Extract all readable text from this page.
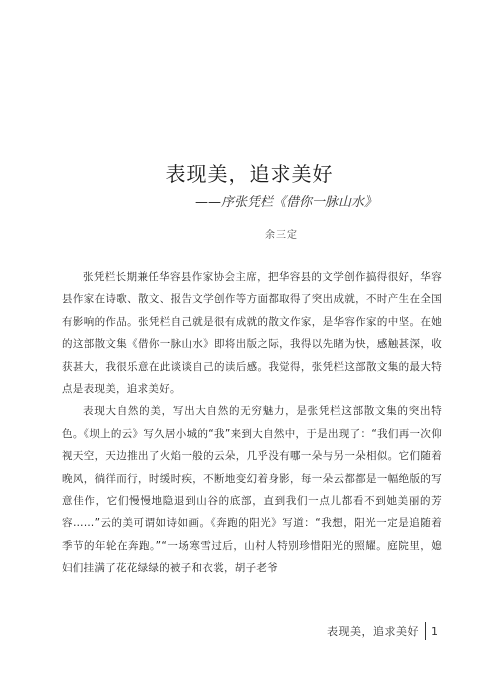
表现美，追求美好

——序张凭栏《借你一脉山水》

余三定

张凭栏长期兼任华容县作家协会主席，把华容县的文学创作搞得很好，华容县作家在诗歌、散文、报告文学创作等方面都取得了突出成就，不时产生在全国有影响的作品。张凭栏自己就是很有成就的散文作家，是华容作家的中坚。在她的这部散文集《借你一脉山水》即将出版之际，我得以先睹为快，感触甚深，收获甚大，我很乐意在此谈谈自己的读后感。我觉得，张凭栏这部散文集的最大特点是表现美，追求美好。

表现大自然的美，写出大自然的无穷魅力，是张凭栏这部散文集的突出特色。《坝上的云》写久居小城的“我”来到大自然中，于是出现了：“我们再一次仰视天空，天边推出了火焰一般的云朵，几乎没有哪一朵与另一朵相似。它们随着晚风，徜徉而行，时缓时疾，不断地变幻着身影，每一朵云都都是一幅绝版的写意佳作，它们慢慢地隐退到山谷的底部，直到我们一点儿都看不到她美丽的芳容……”云的美可谓如诗如画。《奔跑的阳光》写道：“我想，阳光一定是追随着季节的年轮在奔跑。”“一场寒雪过后，山村人特别珍惜阳光的照耀。庭院里，媳妇们挂满了花花绿绿的被子和衣裳，胡子老爷

表现美，追求美好 1
